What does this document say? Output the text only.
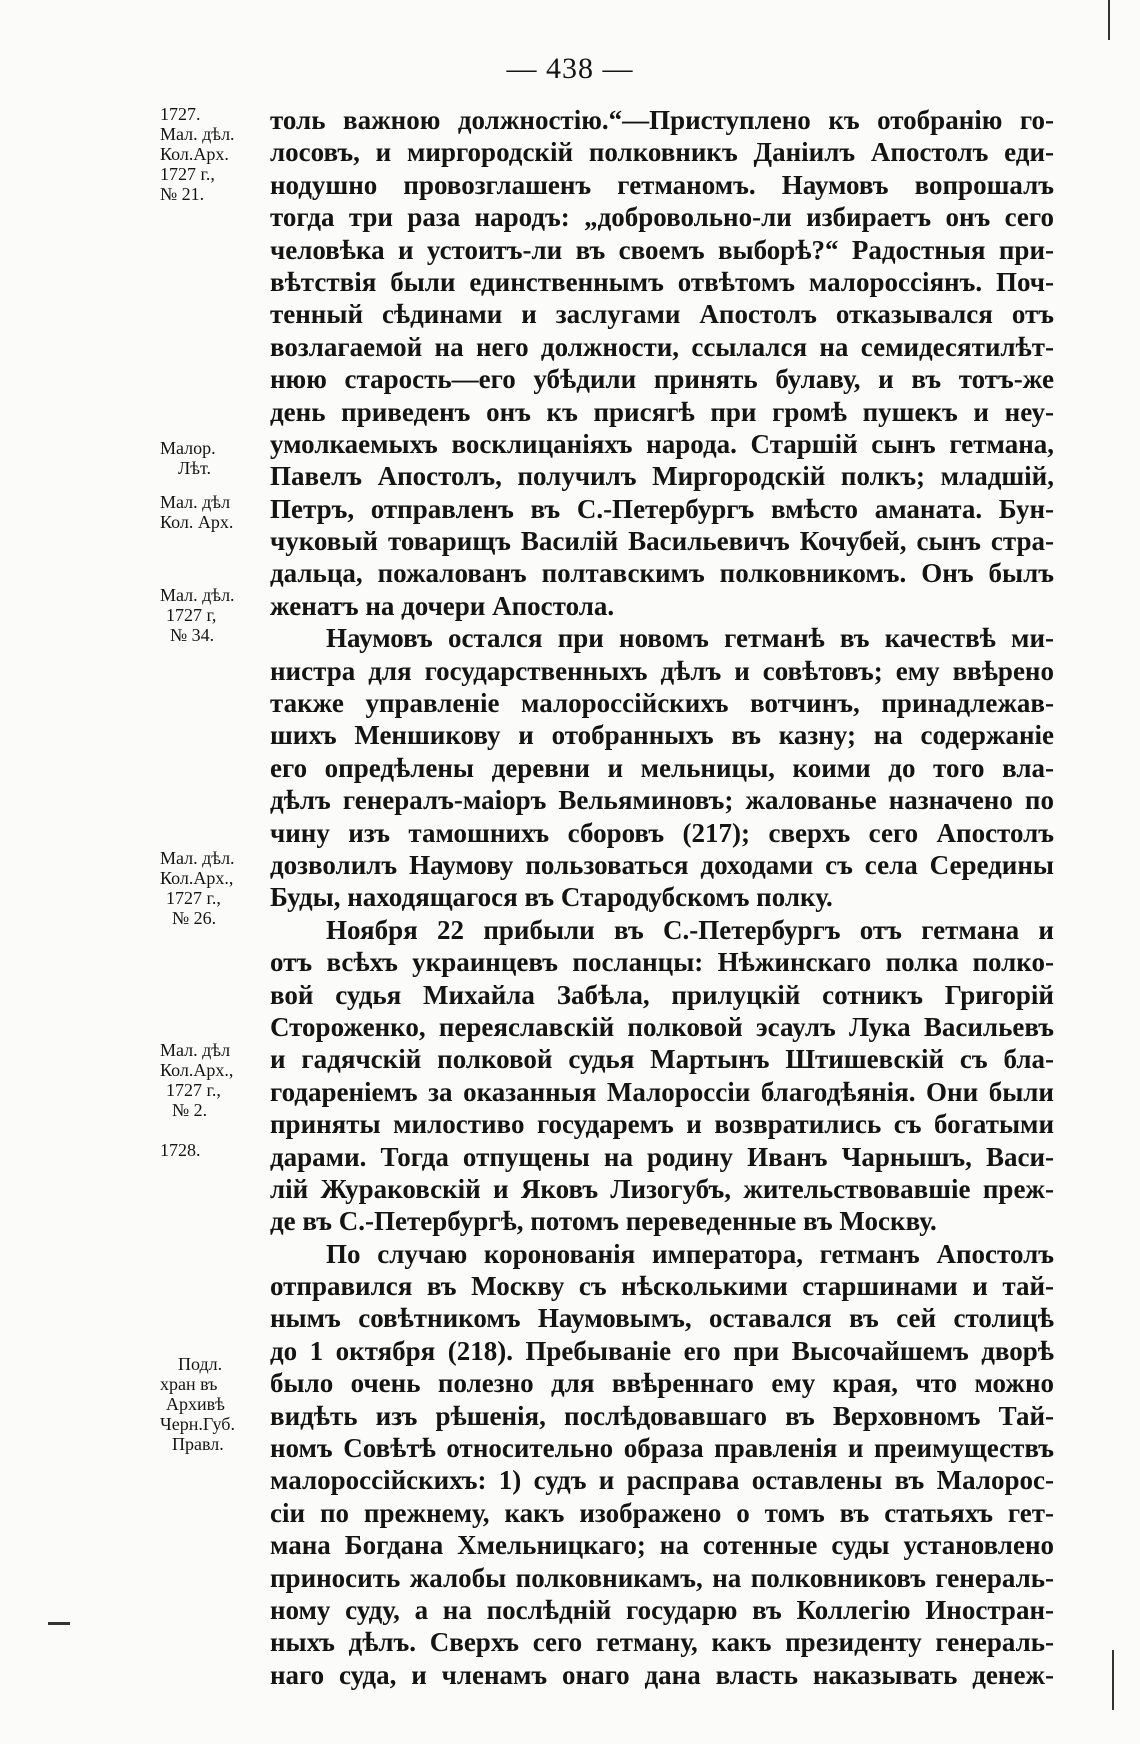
— 438 —
1727.
Мал. дѣл.
Кол.Арх.
1727 г.,
№ 21.
Малор.
Лѣт.
Мал. дѣл
Кол. Арх.
Мал. дѣл.
1727 г,
№ 34.
Мал. дѣл.
Кол.Арх.,
1727 г.,
№ 26.
Мал. дѣл
Кол.Арх.,
1727 г.,
№ 2.
1728.
Подл.
хран въ
Архивѣ
Черн.Губ.
Правл.
толь важною должностію.“—Приступлено къ отобранію го-
лосовъ, и миргородскій полковникъ Даніилъ Апостолъ еди-
нодушно провозглашенъ гетманомъ. Наумовъ вопрошалъ
тогда три раза народъ: „добровольно-ли избираетъ онъ сего
человѣка и устоитъ-ли въ своемъ выборѣ?“ Радостныя при-
вѣтствія были единственнымъ отвѣтомъ малороссіянъ. Поч-
тенный сѣдинами и заслугами Апостолъ отказывался отъ
возлагаемой на него должности, ссылался на семидесятилѣт-
нюю старость—его убѣдили принять булаву, и въ тотъ-же
день приведенъ онъ къ присягѣ при громѣ пушекъ и неу-
умолкаемыхъ восклицаніяхъ народа. Старшій сынъ гетмана,
Павелъ Апостолъ, получилъ Миргородскій полкъ; младшій,
Петръ, отправленъ въ С.-Петербургъ вмѣсто аманата. Бун-
чуковый товарищъ Василій Васильевичъ Кочубей, сынъ стра-
дальца, пожалованъ полтавскимъ полковникомъ. Онъ былъ
женатъ на дочери Апостола.
Наумовъ остался при новомъ гетманѣ въ качествѣ ми-
нистра для государственныхъ дѣлъ и совѣтовъ; ему ввѣрено
также управленіе малороссійскихъ вотчинъ, принадлежав-
шихъ Меншикову и отобранныхъ въ казну; на содержаніе
его опредѣлены деревни и мельницы, коими до того вла-
дѣлъ генералъ-маіоръ Вельяминовъ; жалованье назначено по
чину изъ тамошнихъ сборовъ (217); сверхъ сего Апостолъ
дозволилъ Наумову пользоваться доходами съ села Середины
Буды, находящагося въ Стародубскомъ полку.
Ноября 22 прибыли въ С.-Петербургъ отъ гетмана и
отъ всѣхъ украинцевъ посланцы: Нѣжинскаго полка полко-
вой судья Михайла Забѣла, прилуцкій сотникъ Григорій
Стороженко, переяславскій полковой эсаулъ Лука Васильевъ
и гадячскій полковой судья Мартынъ Штишевскій съ бла-
годареніемъ за оказанныя Малороссіи благодѣянія. Они были
приняты милостиво государемъ и возвратились съ богатыми
дарами. Тогда отпущены на родину Иванъ Чарнышъ, Васи-
лій Жураковскій и Яковъ Лизогубъ, жительствовавшіе преж-
де въ С.-Петербургѣ, потомъ переведенные въ Москву.
По случаю коронованія императора, гетманъ Апостолъ
отправился въ Москву съ нѣсколькими старшинами и тай-
нымъ совѣтникомъ Наумовымъ, оставался въ сей столицѣ
до 1 октября (218). Пребываніе его при Высочайшемъ дворѣ
было очень полезно для ввѣреннаго ему края, что можно
видѣть изъ рѣшенія, послѣдовавшаго въ Верховномъ Тай-
номъ Совѣтѣ относительно образа правленія и преимуществъ
малороссійскихъ: 1) судъ и расправа оставлены въ Малорос-
сіи по прежнему, какъ изображено о томъ въ статьяхъ гет-
мана Богдана Хмельницкаго; на сотенные суды установлено
приносить жалобы полковникамъ, на полковниковъ генераль-
ному суду, а на послѣдній государю въ Коллегію Иностран-
ныхъ дѣлъ. Сверхъ сего гетману, какъ президенту генераль-
наго суда, и членамъ онаго дана власть наказывать денеж-
